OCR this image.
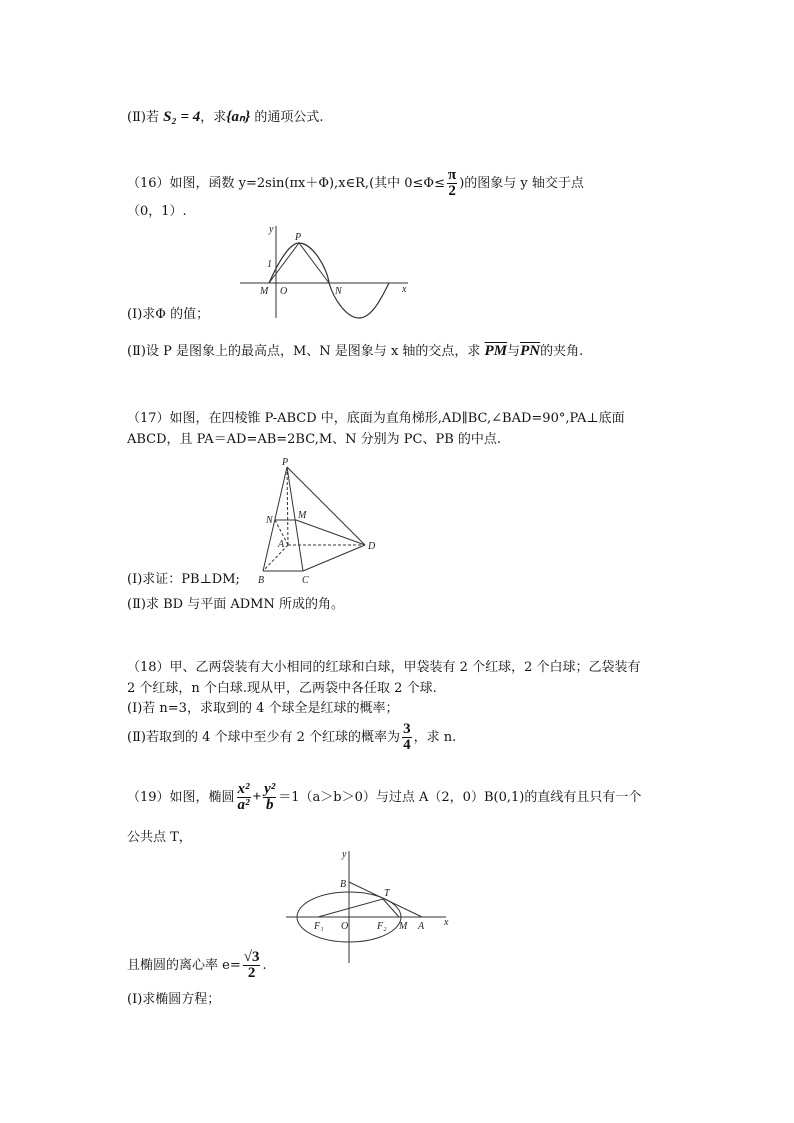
(Ⅱ)若 S₂ = 4，求{aₙ} 的通项公式.
（16）如图，函数 y=2sin(πx＋Φ),x∈R,(其中 $0\le\Phi\le \frac{\pi}{2}$ )的图象与 y 轴交于点
（0，1）.
y
x
1
P
M O	N
(Ⅰ)求Φ 的值；
(Ⅱ)设 P 是图象上的最高点，M、N 是图象与 x 轴的交点，求 $\overline{PM}$与$\overline{PN}$的夹角.
（17）如图，在四棱锥 P-ABCD 中，底面为直角梯形,AD∥BC,∠BAD=90°,PA⊥底面
ABCD，且 PA＝AD=AB=2BC,M、N 分别为 PC、PB 的中点.
P
N	M
A	D
B	C
(Ⅰ)求证：PB⊥DM;
(Ⅱ)求 BD 与平面 ADMN 所成的角。
（18）甲、乙两袋装有大小相同的红球和白球，甲袋装有 2 个红球，2 个白球；乙袋装有
2 个红球，n 个白球.现从甲，乙两袋中各任取 2 个球.
(Ⅰ)若 n=3，求取到的 4 个球全是红球的概率；
(Ⅱ)若取到的 4 个球中至少有 2 个红球的概率为 $\frac{3}{4}$ ，求 n.
（19）如图，椭圆 $\frac{\text{x²}}{\text{a²}} + \frac{\text{y²}}{b} =1(a>b>0)$与过点 A（2，0）B(0,1)的直线有且只有一个
公共点 T，
y
x
B
T
F₁ O	F₂ M A
且椭圆的离心率 $e= \frac{√3}{2}$ .
(Ⅰ)求椭圆方程；
